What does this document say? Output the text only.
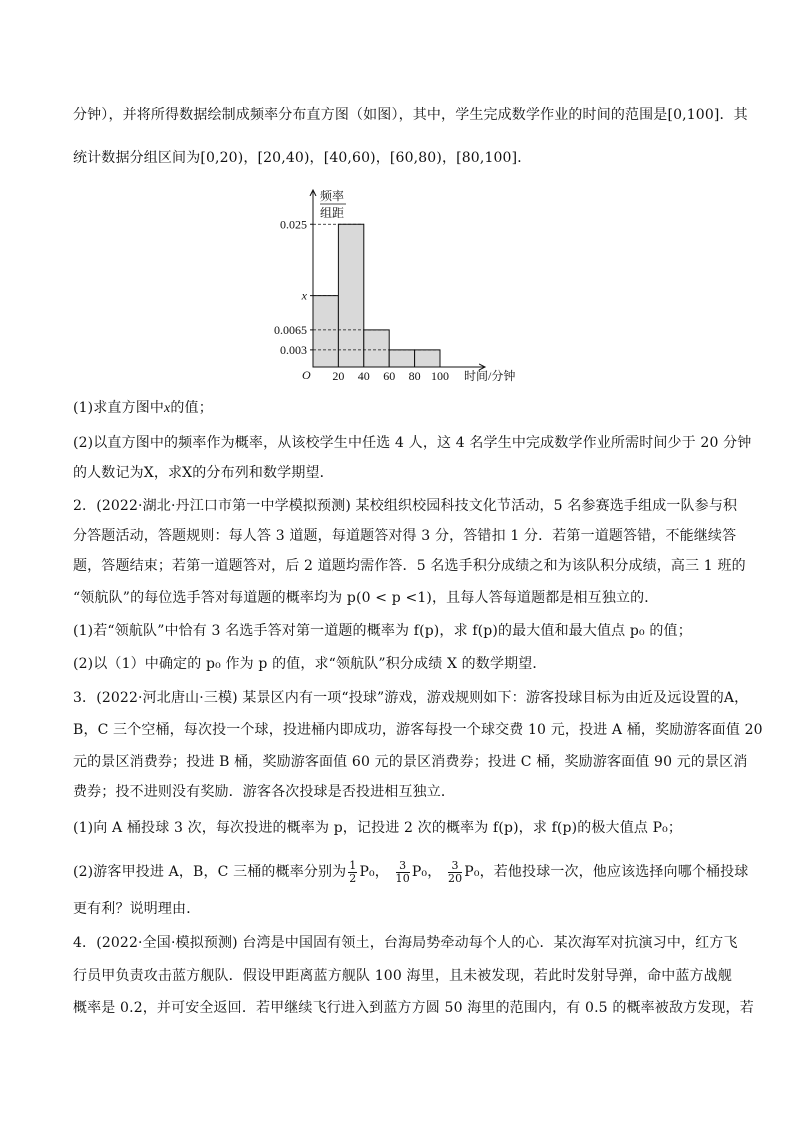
分钟），并将所得数据绘制成频率分布直方图（如图），其中，学生完成数学作业的时间的范围是[0,100]．其
统计数据分组区间为[0,20)，[20,40)，[40,60)，[60,80)，[80,100]．
频率
组距
O	时间/分钟
20 40 60 80 100
0.025
x
0.0065
0.003
(1)求直方图中x的值；
(2)以直方图中的频率作为概率，从该校学生中任选 4 人，这 4 名学生中完成数学作业所需时间少于 20 分钟
的人数记为X，求X的分布列和数学期望．
2．(2022·湖北·丹江口市第一中学模拟预测) 某校组织校园科技文化节活动，5 名参赛选手组成一队参与积
分答题活动，答题规则：每人答 3 道题，每道题答对得 3 分，答错扣 1 分．若第一道题答错，不能继续答
题，答题结束；若第一道题答对，后 2 道题均需作答．5 名选手积分成绩之和为该队积分成绩，高三 1 班的
“领航队”的每位选手答对每道题的概率均为 p(0 < p <1)，且每人答每道题都是相互独立的．
(1)若“领航队”中恰有 3 名选手答对第一道题的概率为 f(p)，求 f(p)的最大值和最大值点 p₀ 的值；
(2)以（1）中确定的 p₀ 作为 p 的值，求“领航队”积分成绩 X 的数学期望．
3．(2022·河北唐山·三模) 某景区内有一项“投球”游戏，游戏规则如下：游客投球目标为由近及远设置的A，
B，C 三个空桶，每次投一个球，投进桶内即成功，游客每投一个球交费 10 元，投进 A 桶，奖励游客面值 20
元的景区消费券；投进 B 桶，奖励游客面值 60 元的景区消费券；投进 C 桶，奖励游客面值 90 元的景区消
费券；投不进则没有奖励．游客各次投球是否投进相互独立．
(1)向 A 桶投球 3 次，每次投进的概率为 p，记投进 2 次的概率为 f(p)，求 f(p)的极大值点 P₀；
(2)游客甲投进 A，B，C 三桶的概率分别为 $\frac{1}{2} P_0$， $\frac{3}{10} P_0$， $\frac{3}{20} P_0$，若他投球一次，他应该选择向哪个桶投球
更有利？说明理由．
4．(2022·全国·模拟预测) 台湾是中国固有领土，台海局势牵动每个人的心．某次海军对抗演习中，红方飞
行员甲负责攻击蓝方舰队．假设甲距离蓝方舰队 100 海里，且未被发现，若此时发射导弹，命中蓝方战舰
概率是 0.2，并可安全返回．若甲继续飞行进入到蓝方方圆 50 海里的范围内，有 0.5 的概率被敌方发现，若
